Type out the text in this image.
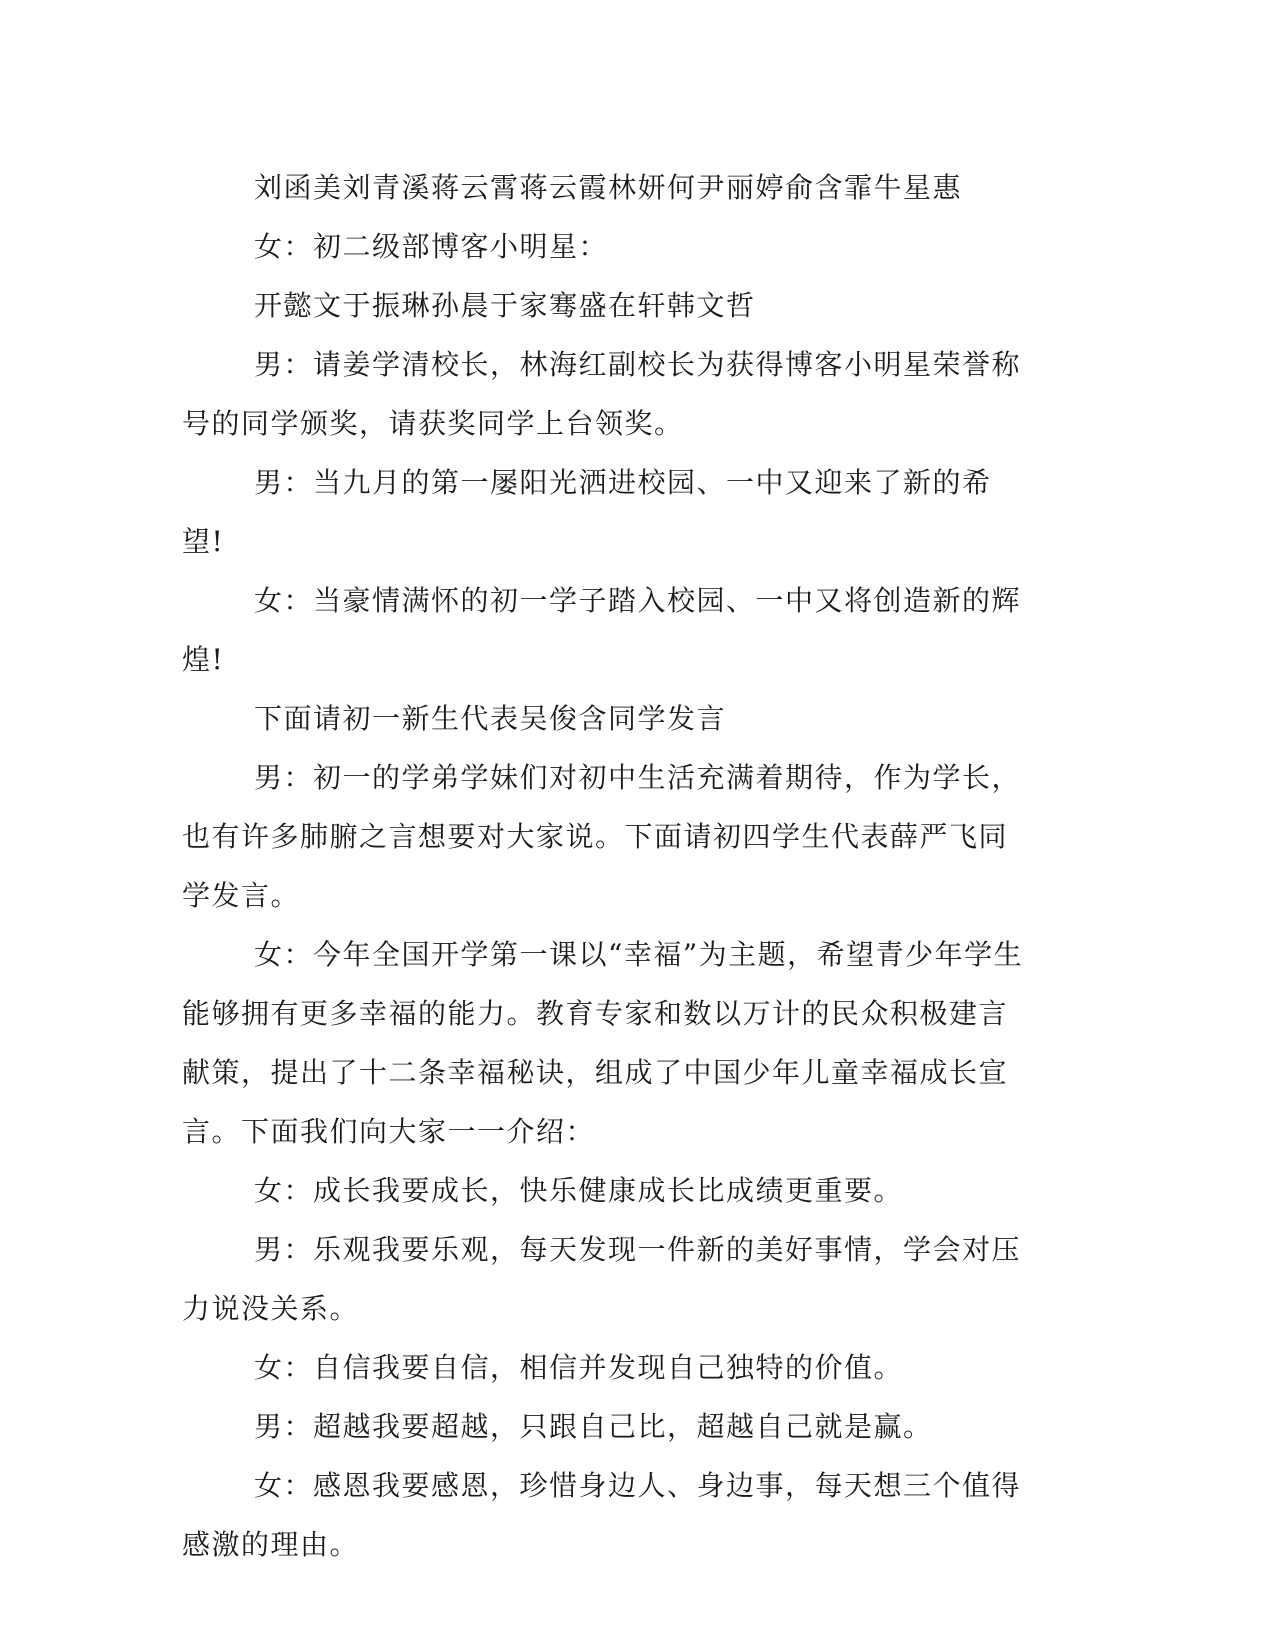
刘函美刘青溪蒋云霄蒋云霞林妍何尹丽婷俞含霏牛星惠

女：初二级部博客小明星：

开懿文于振琳孙晨于家骞盛在轩韩文哲

男：请姜学清校长，林海红副校长为获得博客小明星荣誉称号的同学颁奖，请获奖同学上台领奖。

男：当九月的第一屡阳光洒进校园、一中又迎来了新的希望!

女：当豪情满怀的初一学子踏入校园、一中又将创造新的辉煌!

下面请初一新生代表吴俊含同学发言

男：初一的学弟学妹们对初中生活充满着期待，作为学长，也有许多肺腑之言想要对大家说。下面请初四学生代表薛严飞同学发言。

女：今年全国开学第一课以“幸福”为主题，希望青少年学生能够拥有更多幸福的能力。教育专家和数以万计的民众积极建言献策，提出了十二条幸福秘诀，组成了中国少年儿童幸福成长宣言。下面我们向大家一一介绍：

女：成长我要成长，快乐健康成长比成绩更重要。

男：乐观我要乐观，每天发现一件新的美好事情，学会对压力说没关系。

女：自信我要自信，相信并发现自己独特的价值。

男：超越我要超越，只跟自己比，超越自己就是赢。

女：感恩我要感恩，珍惜身边人、身边事，每天想三个值得感激的理由。
